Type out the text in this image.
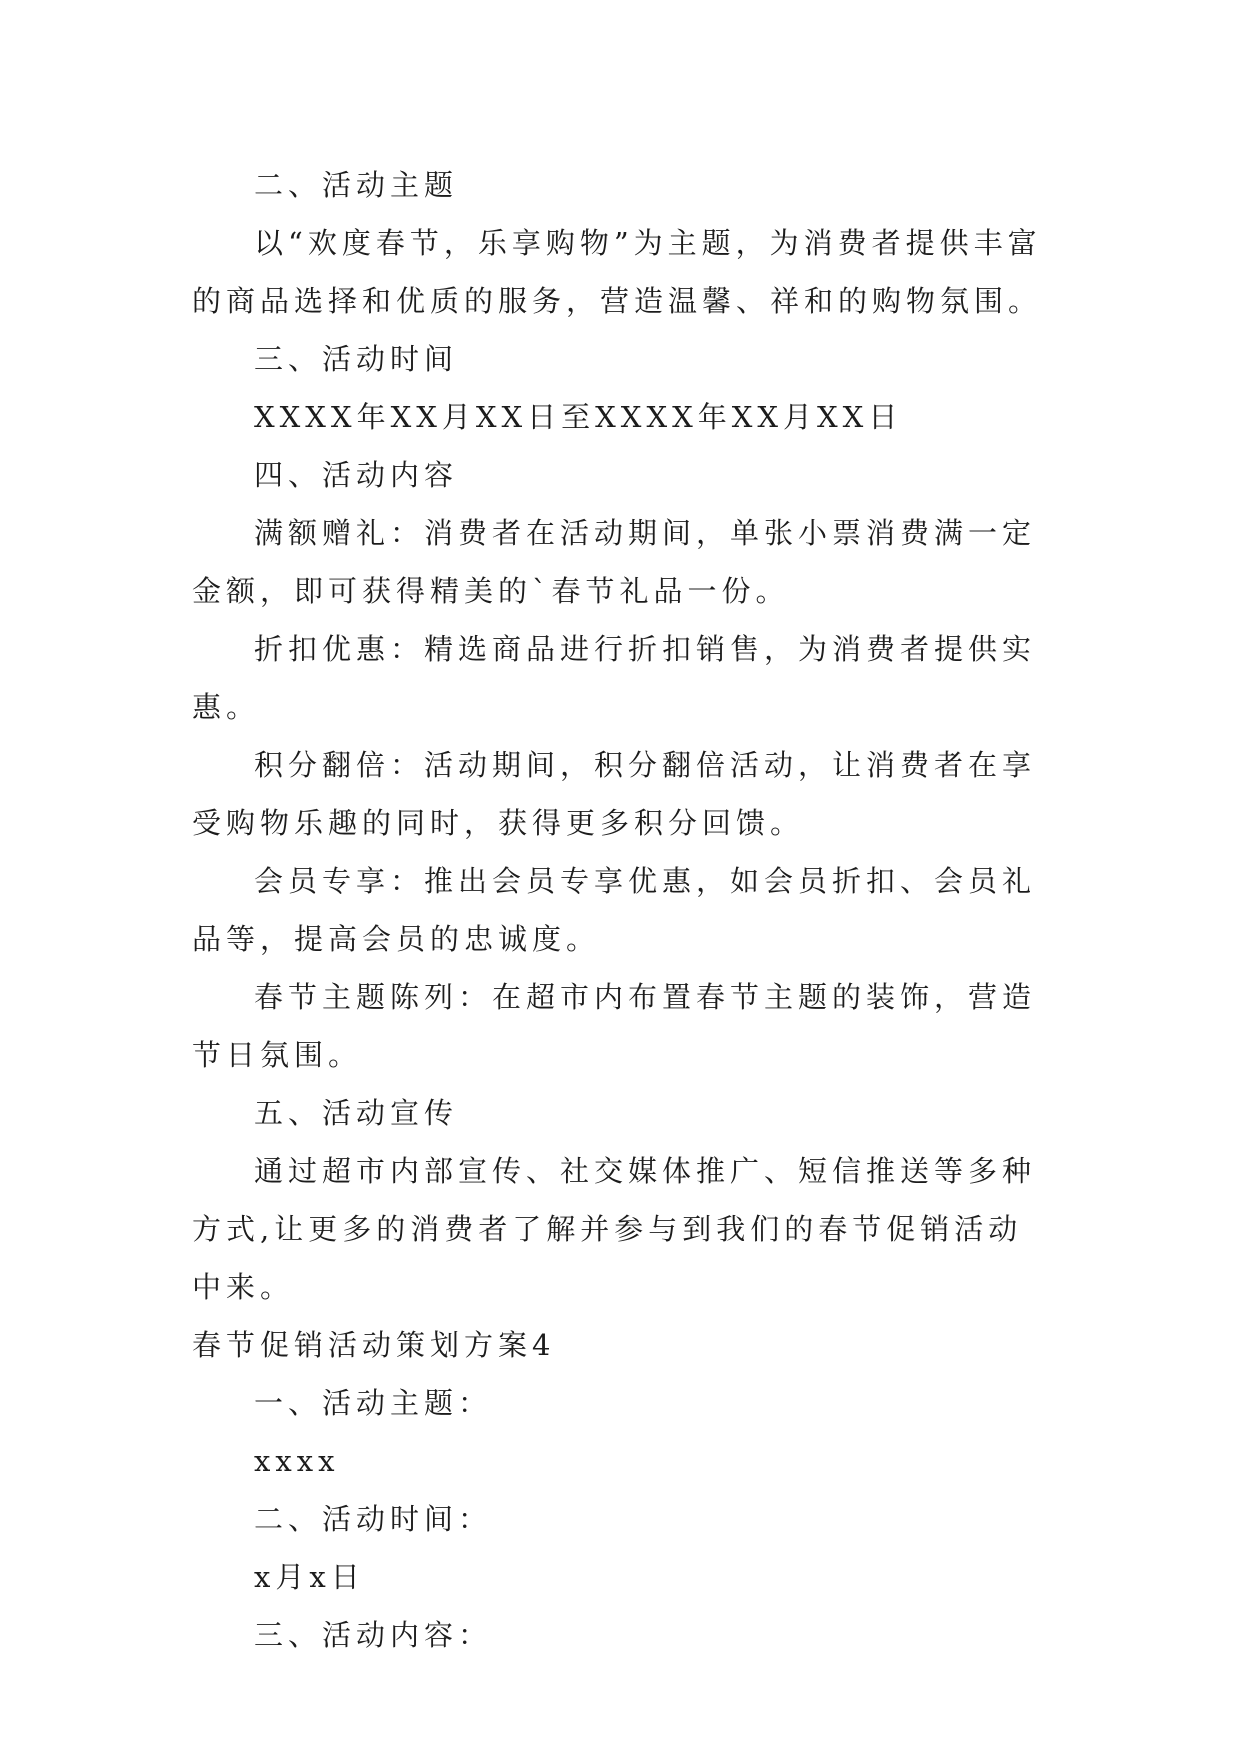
二、活动主题

以“欢度春节，乐享购物”为主题，为消费者提供丰富的商品选择和优质的服务，营造温馨、祥和的购物氛围。

三、活动时间

XXXX年XX月XX日至XXXX年XX月XX日

四、活动内容

满额赠礼：消费者在活动期间，单张小票消费满一定金额，即可获得精美的`春节礼品一份。

折扣优惠：精选商品进行折扣销售，为消费者提供实惠。

积分翻倍：活动期间，积分翻倍活动，让消费者在享受购物乐趣的同时，获得更多积分回馈。

会员专享：推出会员专享优惠，如会员折扣、会员礼品等，提高会员的忠诚度。

春节主题陈列：在超市内布置春节主题的装饰，营造节日氛围。

五、活动宣传

通过超市内部宣传、社交媒体推广、短信推送等多种方式,让更多的消费者了解并参与到我们的春节促销活动中来。

春节促销活动策划方案4

一、活动主题：

xxxx

二、活动时间：

x月x日

三、活动内容：
